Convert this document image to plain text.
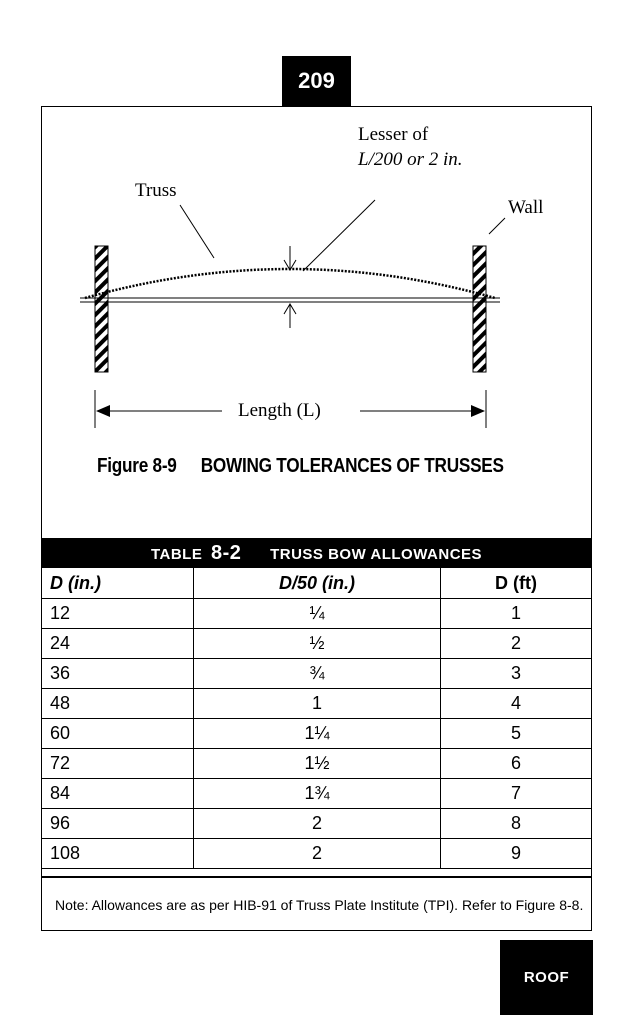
209
Lesser of
L/200 or 2 in.
Truss
Wall
Length (L)
Figure 8-9 BOWING TOLERANCES OF TRUSSES
TABLE 8-2 TRUSS BOW ALLOWANCES		
D (in.)	D/50 (in.)	D (ft)
12	¼	1
24	½	2
36	¾	3
48	1	4
60	1¼	5
72	1½	6
84	1¾	7
96	2	8
108	2	9
Note: Allowances are as per HIB-91 of Truss Plate Institute (TPI). Refer to Figure 8-8.
ROOF
